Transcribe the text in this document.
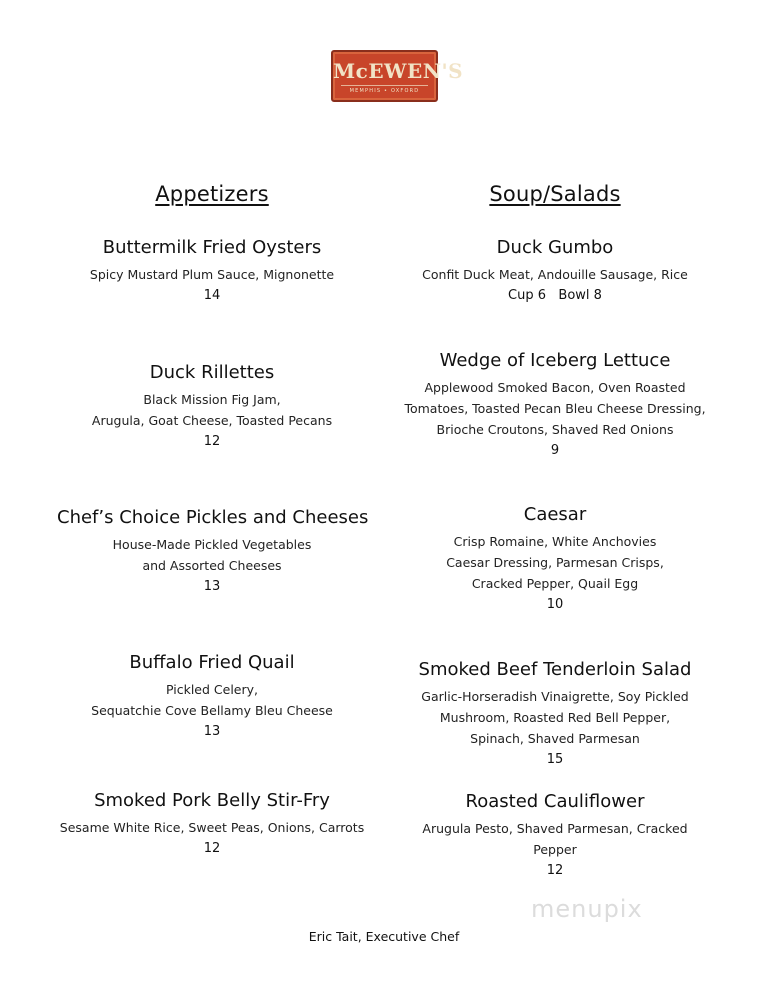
McEWEN'S
MEMPHIS • OXFORD
Appetizers
Buttermilk Fried Oysters
Spicy Mustard Plum Sauce, Mignonette
14
Duck Rillettes
Black Mission Fig Jam,
Arugula, Goat Cheese, Toasted Pecans
12
Chef’s Choice Pickles and Cheeses
House-Made Pickled Vegetables
and Assorted Cheeses
13
Buffalo Fried Quail
Pickled Celery,
Sequatchie Cove Bellamy Bleu Cheese
13
Smoked Pork Belly Stir-Fry
Sesame White Rice, Sweet Peas, Onions, Carrots
12
Soup/Salads
Duck Gumbo
Confit Duck Meat, Andouille Sausage, Rice
Cup 6   Bowl 8
Wedge of Iceberg Lettuce
Applewood Smoked Bacon, Oven Roasted
Tomatoes, Toasted Pecan Bleu Cheese Dressing,
Brioche Croutons, Shaved Red Onions
9
Caesar
Crisp Romaine, White Anchovies
Caesar Dressing, Parmesan Crisps,
Cracked Pepper, Quail Egg
10
Smoked Beef Tenderloin Salad
Garlic-Horseradish Vinaigrette, Soy Pickled
Mushroom, Roasted Red Bell Pepper,
Spinach, Shaved Parmesan
15
Roasted Cauliflower
Arugula Pesto, Shaved Parmesan, Cracked Pepper
12
menupix
Eric Tait, Executive Chef
